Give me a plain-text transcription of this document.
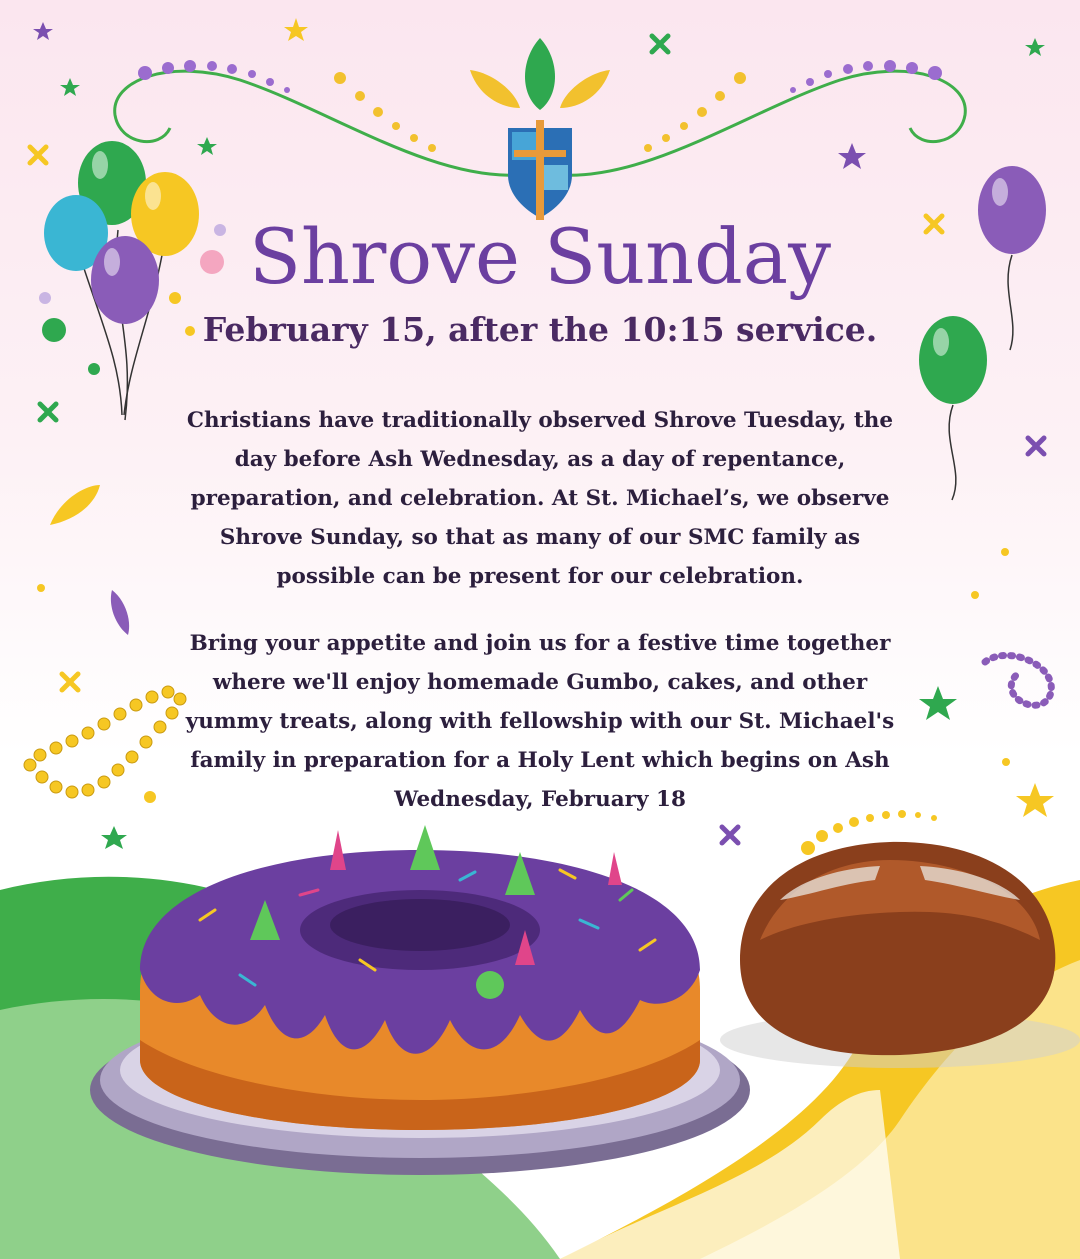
Shrove Sunday
February 15, after the 10:15 service.
Christians have traditionally observed Shrove Tuesday, the day before Ash Wednesday, as a day of repentance, preparation, and celebration. At St. Michael’s, we observe Shrove Sunday, so that as many of our SMC family as possible can be present for our celebration.
Bring your appetite and join us for a festive time together where we'll enjoy homemade Gumbo, cakes, and other yummy treats, along with fellowship with our St. Michael's family in preparation for a Holy Lent which begins on Ash Wednesday, February 18
